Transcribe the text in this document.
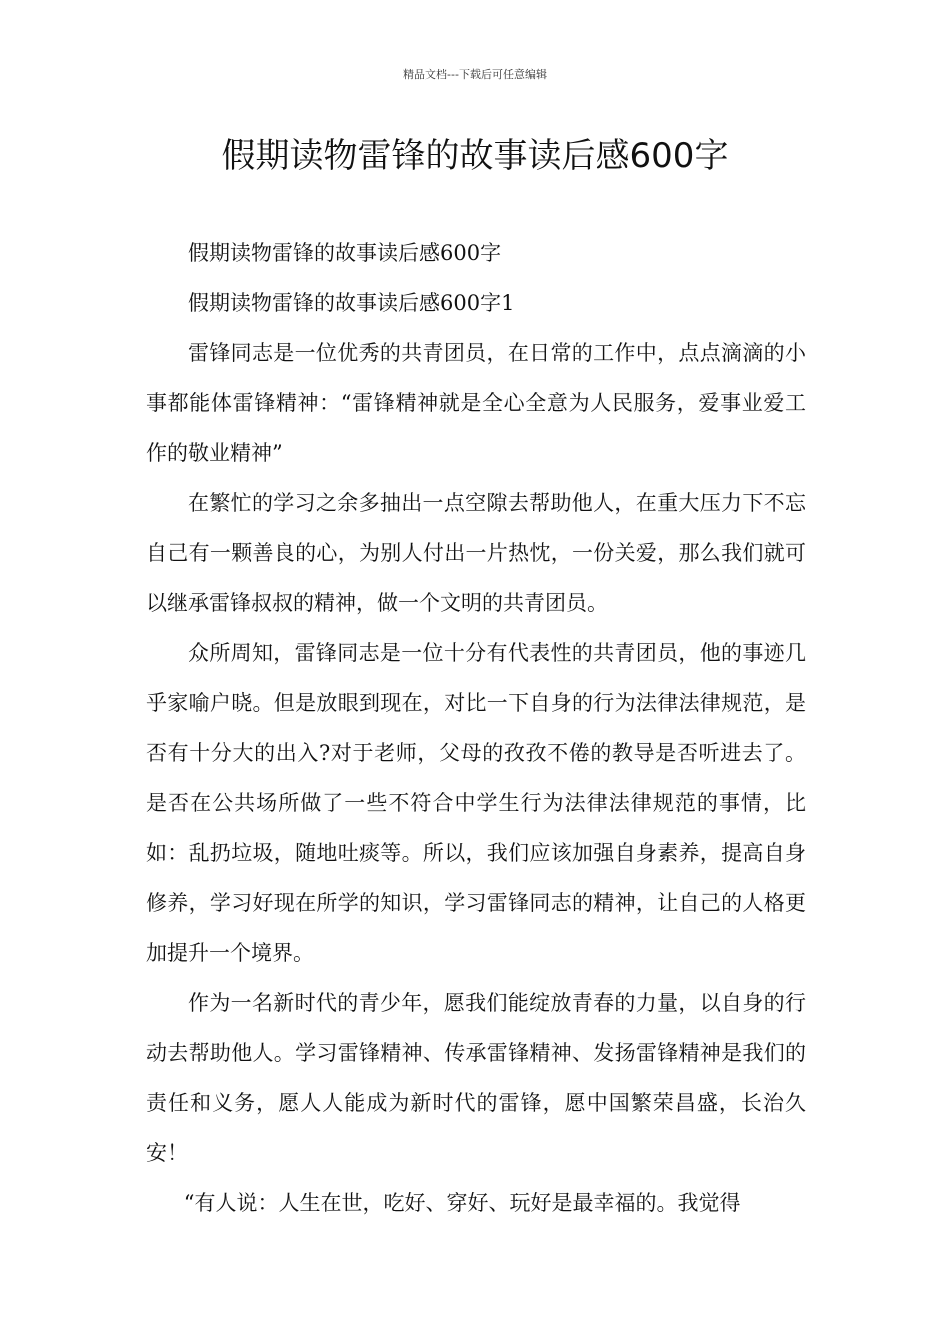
精品文档---下载后可任意编辑
假期读物雷锋的故事读后感600字

假期读物雷锋的故事读后感600字

假期读物雷锋的故事读后感600字1

雷锋同志是一位优秀的共青团员，在日常的工作中，点点滴滴的小事都能体雷锋精神：“雷锋精神就是全心全意为人民服务，爱事业爱工作的敬业精神”

在繁忙的学习之余多抽出一点空隙去帮助他人，在重大压力下不忘自己有一颗善良的心，为别人付出一片热忱，一份关爱，那么我们就可以继承雷锋叔叔的精神，做一个文明的共青团员。

众所周知，雷锋同志是一位十分有代表性的共青团员，他的事迹几乎家喻户晓。但是放眼到现在，对比一下自身的行为法律法律规范，是否有十分大的出入?对于老师，父母的孜孜不倦的教导是否听进去了。是否在公共场所做了一些不符合中学生行为法律法律规范的事情，比如：乱扔垃圾，随地吐痰等。所以，我们应该加强自身素养，提高自身修养，学习好现在所学的知识，学习雷锋同志的精神，让自己的人格更加提升一个境界。

作为一名新时代的青少年，愿我们能绽放青春的力量，以自身的行动去帮助他人。学习雷锋精神、传承雷锋精神、发扬雷锋精神是我们的责任和义务，愿人人能成为新时代的雷锋，愿中国繁荣昌盛，长治久安！

“有人说：人生在世，吃好、穿好、玩好是最幸福的。我觉得
